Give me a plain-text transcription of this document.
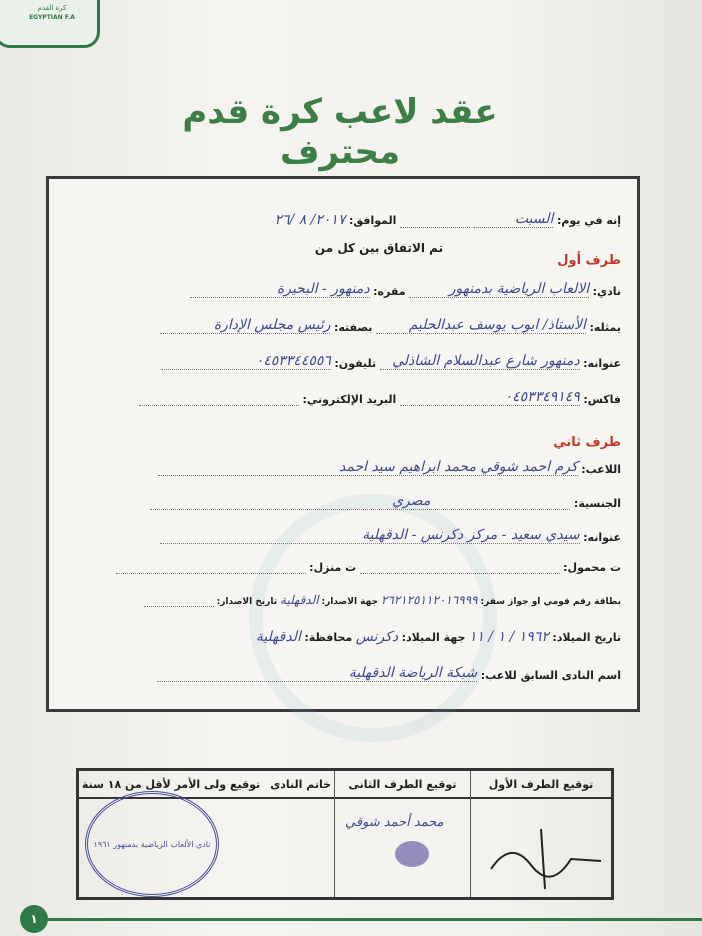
كرة القدم
EGYPTIAN F.A
عقد لاعب كرة قدم محترف
إنه في يوم: السبت  الموافق: ٢٠١٧/ ٨ /٢٦
تم الاتفاق بين كل من
طرف أول
نادي: الالعاب الرياضية بدمنهور مقره: دمنهور - البحيرة
يمثله: الأستاذ/ ايوب يوسف عبدالحليم بصفته: رئيس مجلس الإدارة
عنوانه: دمنهور شارع عبدالسلام الشاذلي تليفون: ٠٤٥٣٣٤٤٥٥٦
فاكس: ٠٤٥٣٣٤٩١٤٩ البريد الإلكتروني:
طرف ثاني
اللاعب: كرم احمد شوقي محمد ابراهيم سيد احمد
الجنسية: مصري
عنوانه: سيدي سعيد - مركز دكرنس - الدقهلية
ت محمول:  ت منزل:
بطاقة رقم قومي او جواز سفر: ٢٦٢١٢٥١١٢٠١٦٩٩٩ جهة الاصدار: الدقهلية تاريخ الاصدار:
تاريخ الميلاد: ١٩٦٢ / ١ / ١١ جهة الميلاد: دكرنس محافظة: الدقهلية
اسم النادى السابق للاعب: شبكة الرياضة الدقهلية
توقيع الطرف الأول
توقيع الطرف الثانى
محمد أحمد شوقي
خاتم النادى
توقيع ولى الأمر لأقل من ١٨ سنة
نادي الألعاب الرياضية بدمنهور ١٩٦١
١
